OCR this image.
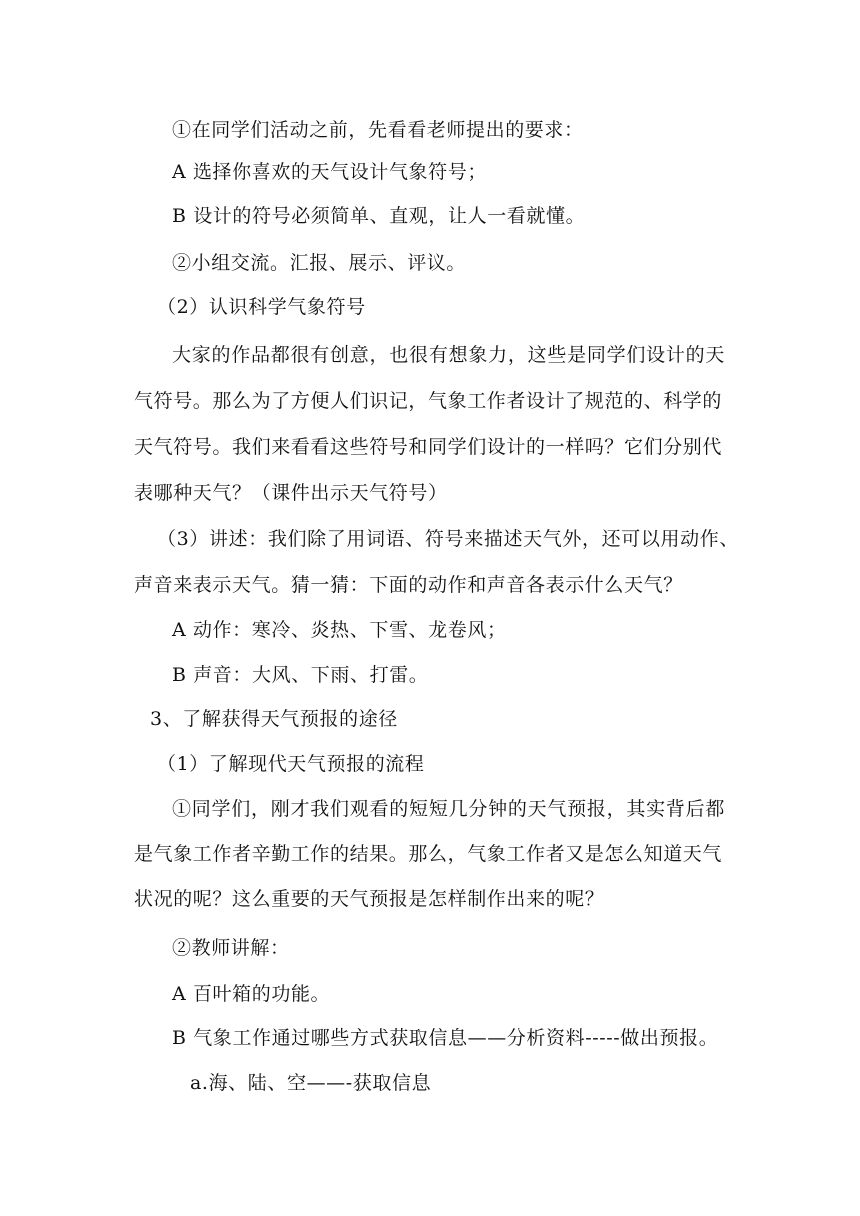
①在同学们活动之前，先看看老师提出的要求：
A 选择你喜欢的天气设计气象符号；
B 设计的符号必须简单、直观，让人一看就懂。
②小组交流。汇报、展示、评议。
（2）认识科学气象符号
大家的作品都很有创意，也很有想象力，这些是同学们设计的天
气符号。那么为了方便人们识记，气象工作者设计了规范的、科学的
天气符号。我们来看看这些符号和同学们设计的一样吗？它们分别代
表哪种天气？（课件出示天气符号）
（3）讲述：我们除了用词语、符号来描述天气外，还可以用动作、
声音来表示天气。猜一猜：下面的动作和声音各表示什么天气？
A 动作：寒冷、炎热、下雪、龙卷风；
B 声音：大风、下雨、打雷。
3、了解获得天气预报的途径
（1）了解现代天气预报的流程
①同学们，刚才我们观看的短短几分钟的天气预报，其实背后都
是气象工作者辛勤工作的结果。那么，气象工作者又是怎么知道天气
状况的呢？这么重要的天气预报是怎样制作出来的呢？
②教师讲解：
A 百叶箱的功能。
B 气象工作通过哪些方式获取信息——分析资料-----做出预报。
a.海、陆、空——-获取信息
